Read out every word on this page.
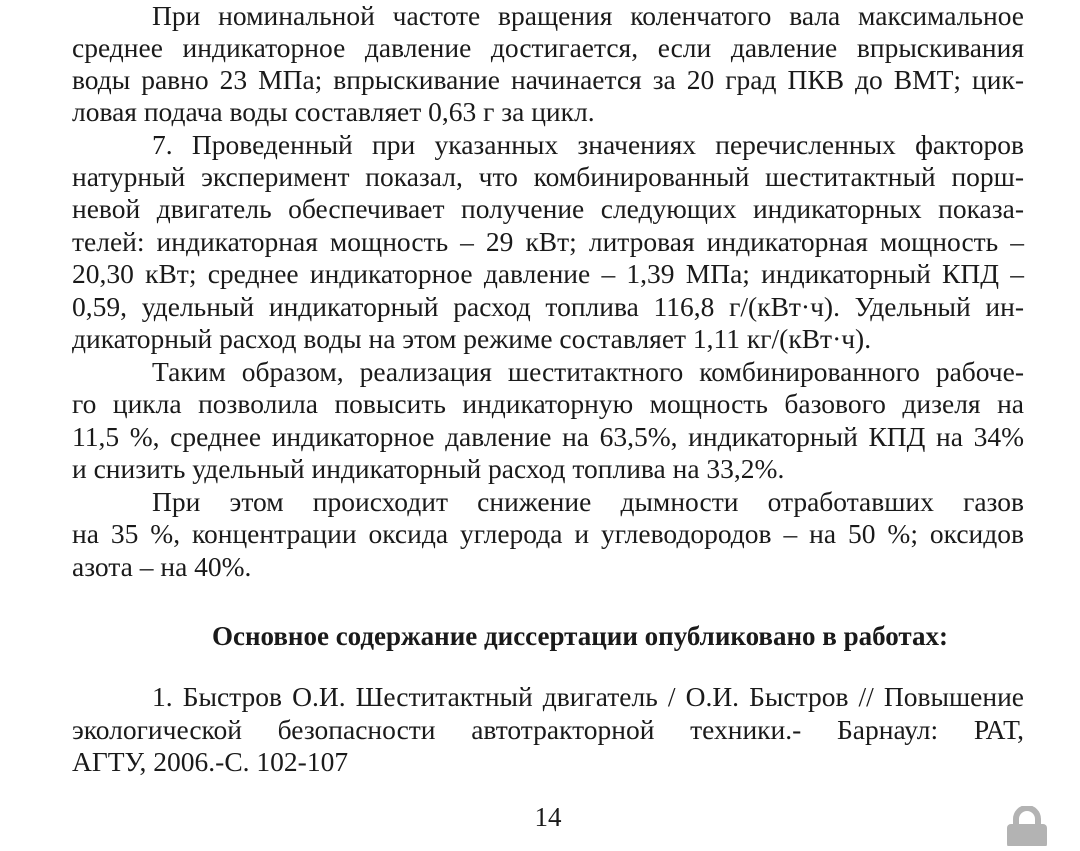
При номинальной частоте вращения коленчатого вала максимальное
среднее индикаторное давление достигается, если давление впрыскивания
воды равно 23 МПа; впрыскивание начинается за 20 град ПКВ до ВМТ; цик-
ловая подача воды составляет 0,63 г за цикл.
7. Проведенный при указанных значениях перечисленных факторов
натурный эксперимент показал, что комбинированный шеститактный порш-
невой двигатель обеспечивает получение следующих индикаторных показа-
телей: индикаторная мощность – 29 кВт; литровая индикаторная мощность –
20,30 кВт; среднее индикаторное давление – 1,39 МПа; индикаторный КПД –
0,59, удельный индикаторный расход топлива 116,8 г/(кВт·ч). Удельный ин-
дикаторный расход воды на этом режиме составляет 1,11 кг/(кВт·ч).
Таким образом, реализация шеститактного комбинированного рабоче-
го цикла позволила повысить индикаторную мощность базового дизеля на
11,5 %, среднее индикаторное давление на 63,5%, индикаторный КПД на 34%
и снизить удельный индикаторный расход топлива на 33,2%.
При этом происходит снижение дымности отработавших газов
на 35 %, концентрации оксида углерода и углеводородов – на 50 %; оксидов
азота – на 40%.
1. Быстров О.И. Шеститактный двигатель / О.И. Быстров // Повышение
экологической безопасности автотракторной техники.- Барнаул: РАТ,
АГТУ, 2006.-С. 102-107
Основное содержание диссертации опубликовано в работах:
14
